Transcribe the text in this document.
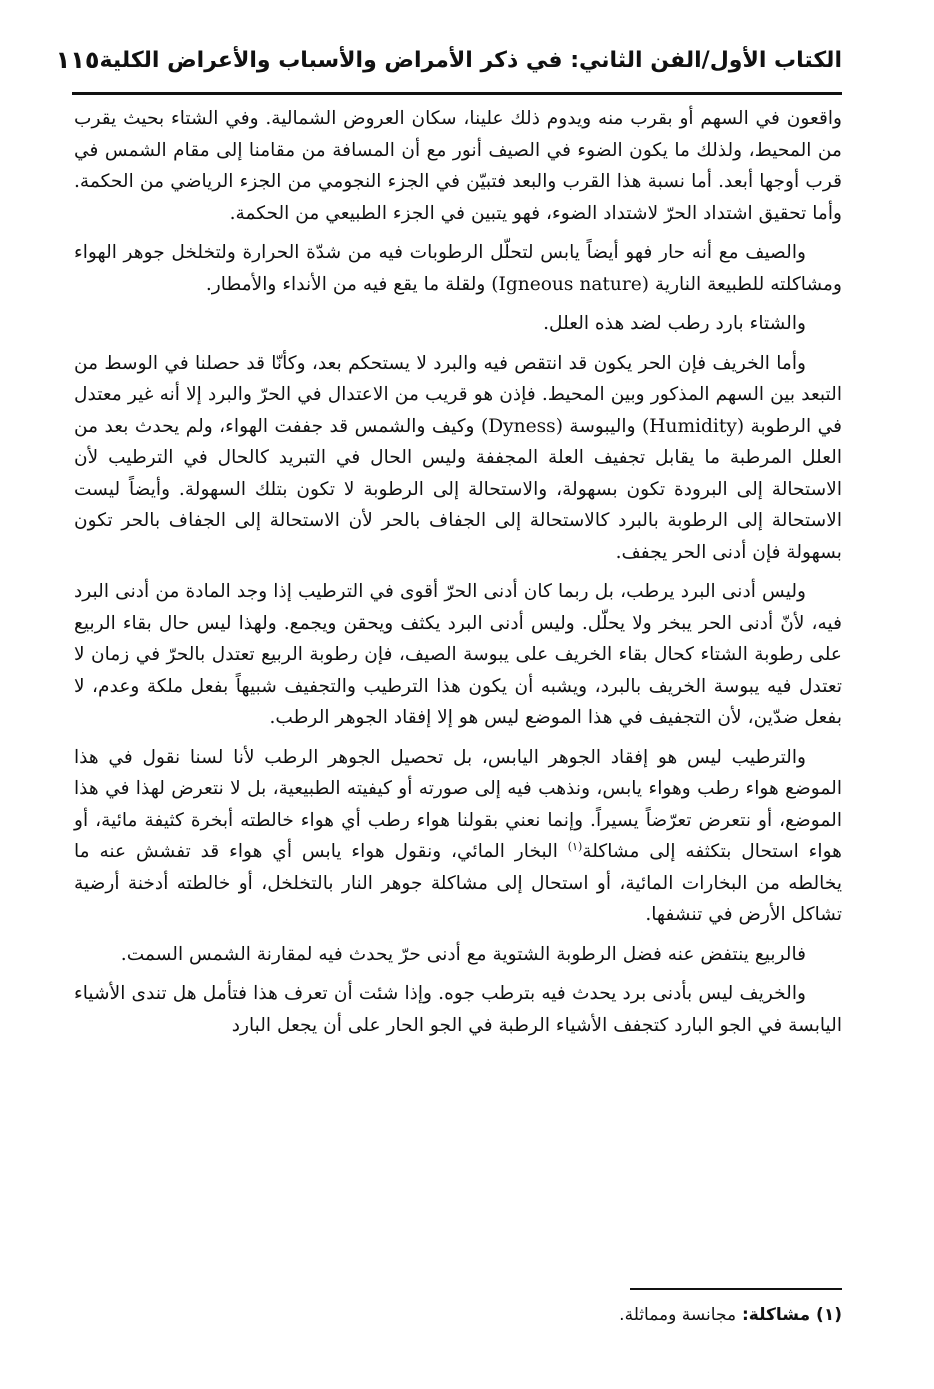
الكتاب الأول/الفن الثاني: في ذكر الأمراض والأسباب والأعراض الكلية
١١٥

واقعون في السهم أو بقرب منه ويدوم ذلك علينا، سكان العروض الشمالية. وفي الشتاء بحيث يقرب من المحيط، ولذلك ما يكون الضوء في الصيف أنور مع أن المسافة من مقامنا إلى مقام الشمس في قرب أوجها أبعد. أما نسبة هذا القرب والبعد فتبيّن في الجزء النجومي من الجزء الرياضي من الحكمة. وأما تحقيق اشتداد الحرّ لاشتداد الضوء، فهو يتبين في الجزء الطبيعي من الحكمة.

والصيف مع أنه حار فهو أيضاً يابس لتحلّل الرطوبات فيه من شدّة الحرارة ولتخلخل جوهر الهواء ومشاكلته للطبيعة النارية (Igneous nature) ولقلة ما يقع فيه من الأنداء والأمطار.

والشتاء بارد رطب لضد هذه العلل.

وأما الخريف فإن الحر يكون قد انتقص فيه والبرد لا يستحكم بعد، وكأنّا قد حصلنا في الوسط من التبعد بين السهم المذكور وبين المحيط. فإذن هو قريب من الاعتدال في الحرّ والبرد إلا أنه غير معتدل في الرطوبة (Humidity) واليبوسة (Dyness) وكيف والشمس قد جففت الهواء، ولم يحدث بعد من العلل المرطبة ما يقابل تجفيف العلة المجففة وليس الحال في التبريد كالحال في الترطيب لأن الاستحالة إلى البرودة تكون بسهولة، والاستحالة إلى الرطوبة لا تكون بتلك السهولة. وأيضاً ليست الاستحالة إلى الرطوبة بالبرد كالاستحالة إلى الجفاف بالحر لأن الاستحالة إلى الجفاف بالحر تكون بسهولة فإن أدنى الحر يجفف.

وليس أدنى البرد يرطب، بل ربما كان أدنى الحرّ أقوى في الترطيب إذا وجد المادة من أدنى البرد فيه، لأنّ أدنى الحر يبخر ولا يحلّل. وليس أدنى البرد يكثف ويحقن ويجمع. ولهذا ليس حال بقاء الربيع على رطوبة الشتاء كحال بقاء الخريف على يبوسة الصيف، فإن رطوبة الربيع تعتدل بالحرّ في زمان لا تعتدل فيه يبوسة الخريف بالبرد، ويشبه أن يكون هذا الترطيب والتجفيف شبيهاً بفعل ملكة وعدم، لا بفعل ضدّين، لأن التجفيف في هذا الموضع ليس هو إلا إفقاد الجوهر الرطب.

والترطيب ليس هو إفقاد الجوهر اليابس، بل تحصيل الجوهر الرطب لأنا لسنا نقول في هذا الموضع هواء رطب وهواء يابس، ونذهب فيه إلى صورته أو كيفيته الطبيعية، بل لا نتعرض لهذا في هذا الموضع، أو نتعرض تعرّضاً يسيراً. وإنما نعني بقولنا هواء رطب أي هواء خالطته أبخرة كثيفة مائية، أو هواء استحال بتكثفه إلى مشاكلة$^{(١)}$ البخار المائي، ونقول هواء يابس أي هواء قد تفشش عنه ما يخالطه من البخارات المائية، أو استحال إلى مشاكلة جوهر النار بالتخلخل، أو خالطته أدخنة أرضية تشاكل الأرض في تنشفها.

فالربيع ينتفض عنه فضل الرطوبة الشتوية مع أدنى حرّ يحدث فيه لمقارنة الشمس السمت.

والخريف ليس بأدنى برد يحدث فيه بترطب جوه. وإذا شئت أن تعرف هذا فتأمل هل تندى الأشياء اليابسة في الجو البارد كتجفف الأشياء الرطبة في الجو الحار على أن يجعل البارد

(١) مشاكلة: مجانسة ومماثلة.
